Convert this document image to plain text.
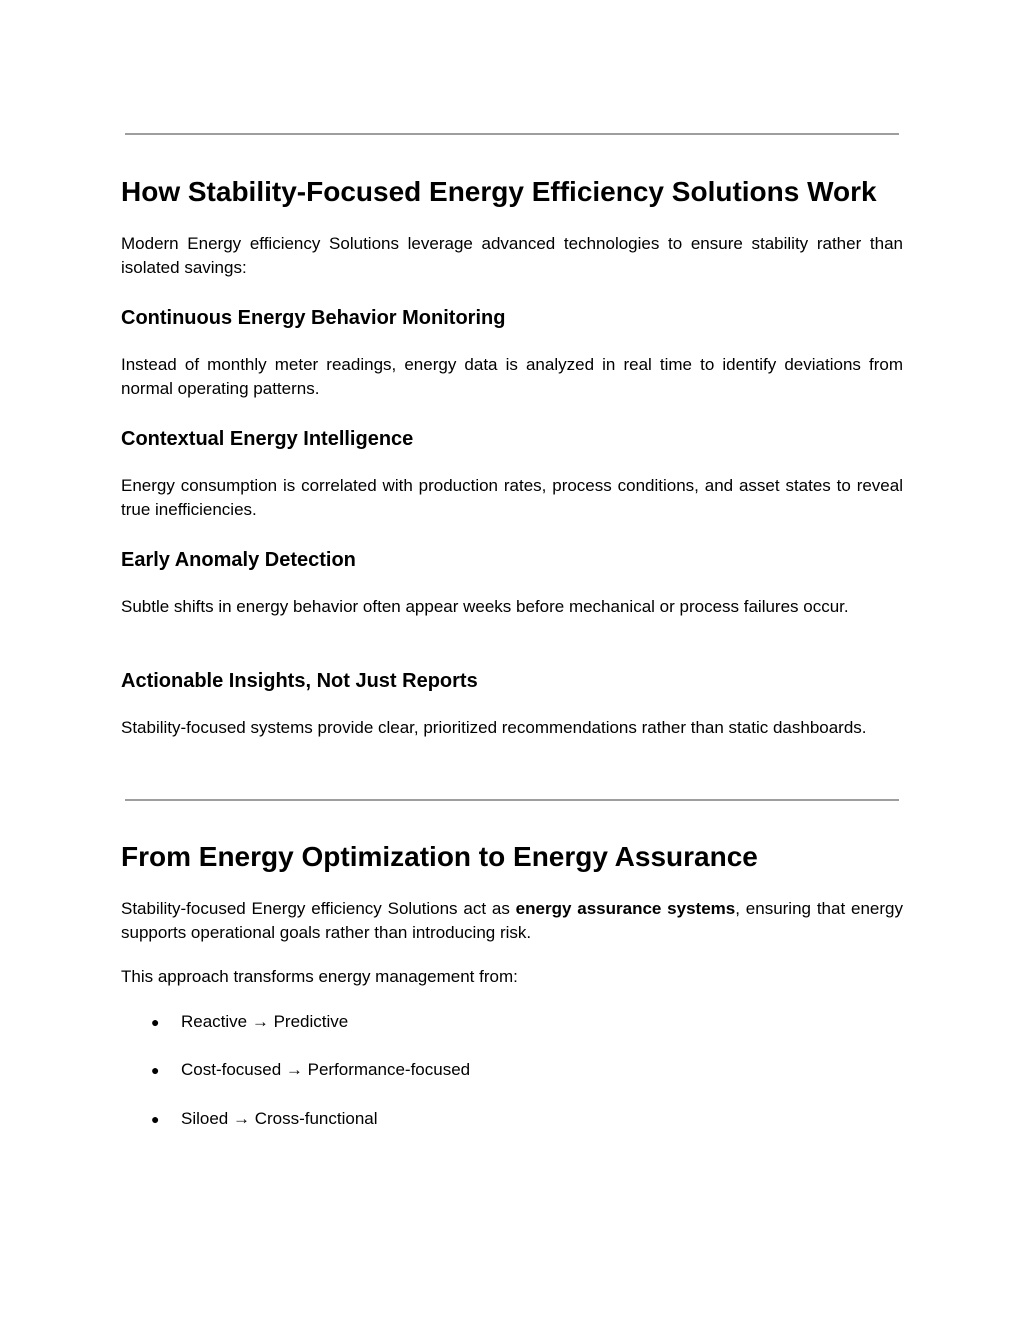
How Stability-Focused Energy Efficiency Solutions Work

Modern Energy efficiency Solutions leverage advanced technologies to ensure stability rather than isolated savings:

Continuous Energy Behavior Monitoring

Instead of monthly meter readings, energy data is analyzed in real time to identify deviations from normal operating patterns.

Contextual Energy Intelligence

Energy consumption is correlated with production rates, process conditions, and asset states to reveal true inefficiencies.

Early Anomaly Detection

Subtle shifts in energy behavior often appear weeks before mechanical or process failures occur.

Actionable Insights, Not Just Reports

Stability-focused systems provide clear, prioritized recommendations rather than static dashboards.

From Energy Optimization to Energy Assurance

Stability-focused Energy efficiency Solutions act as energy assurance systems, ensuring that energy supports operational goals rather than introducing risk.

This approach transforms energy management from:

● Reactive → Predictive
● Cost-focused → Performance-focused
● Siloed → Cross-functional
